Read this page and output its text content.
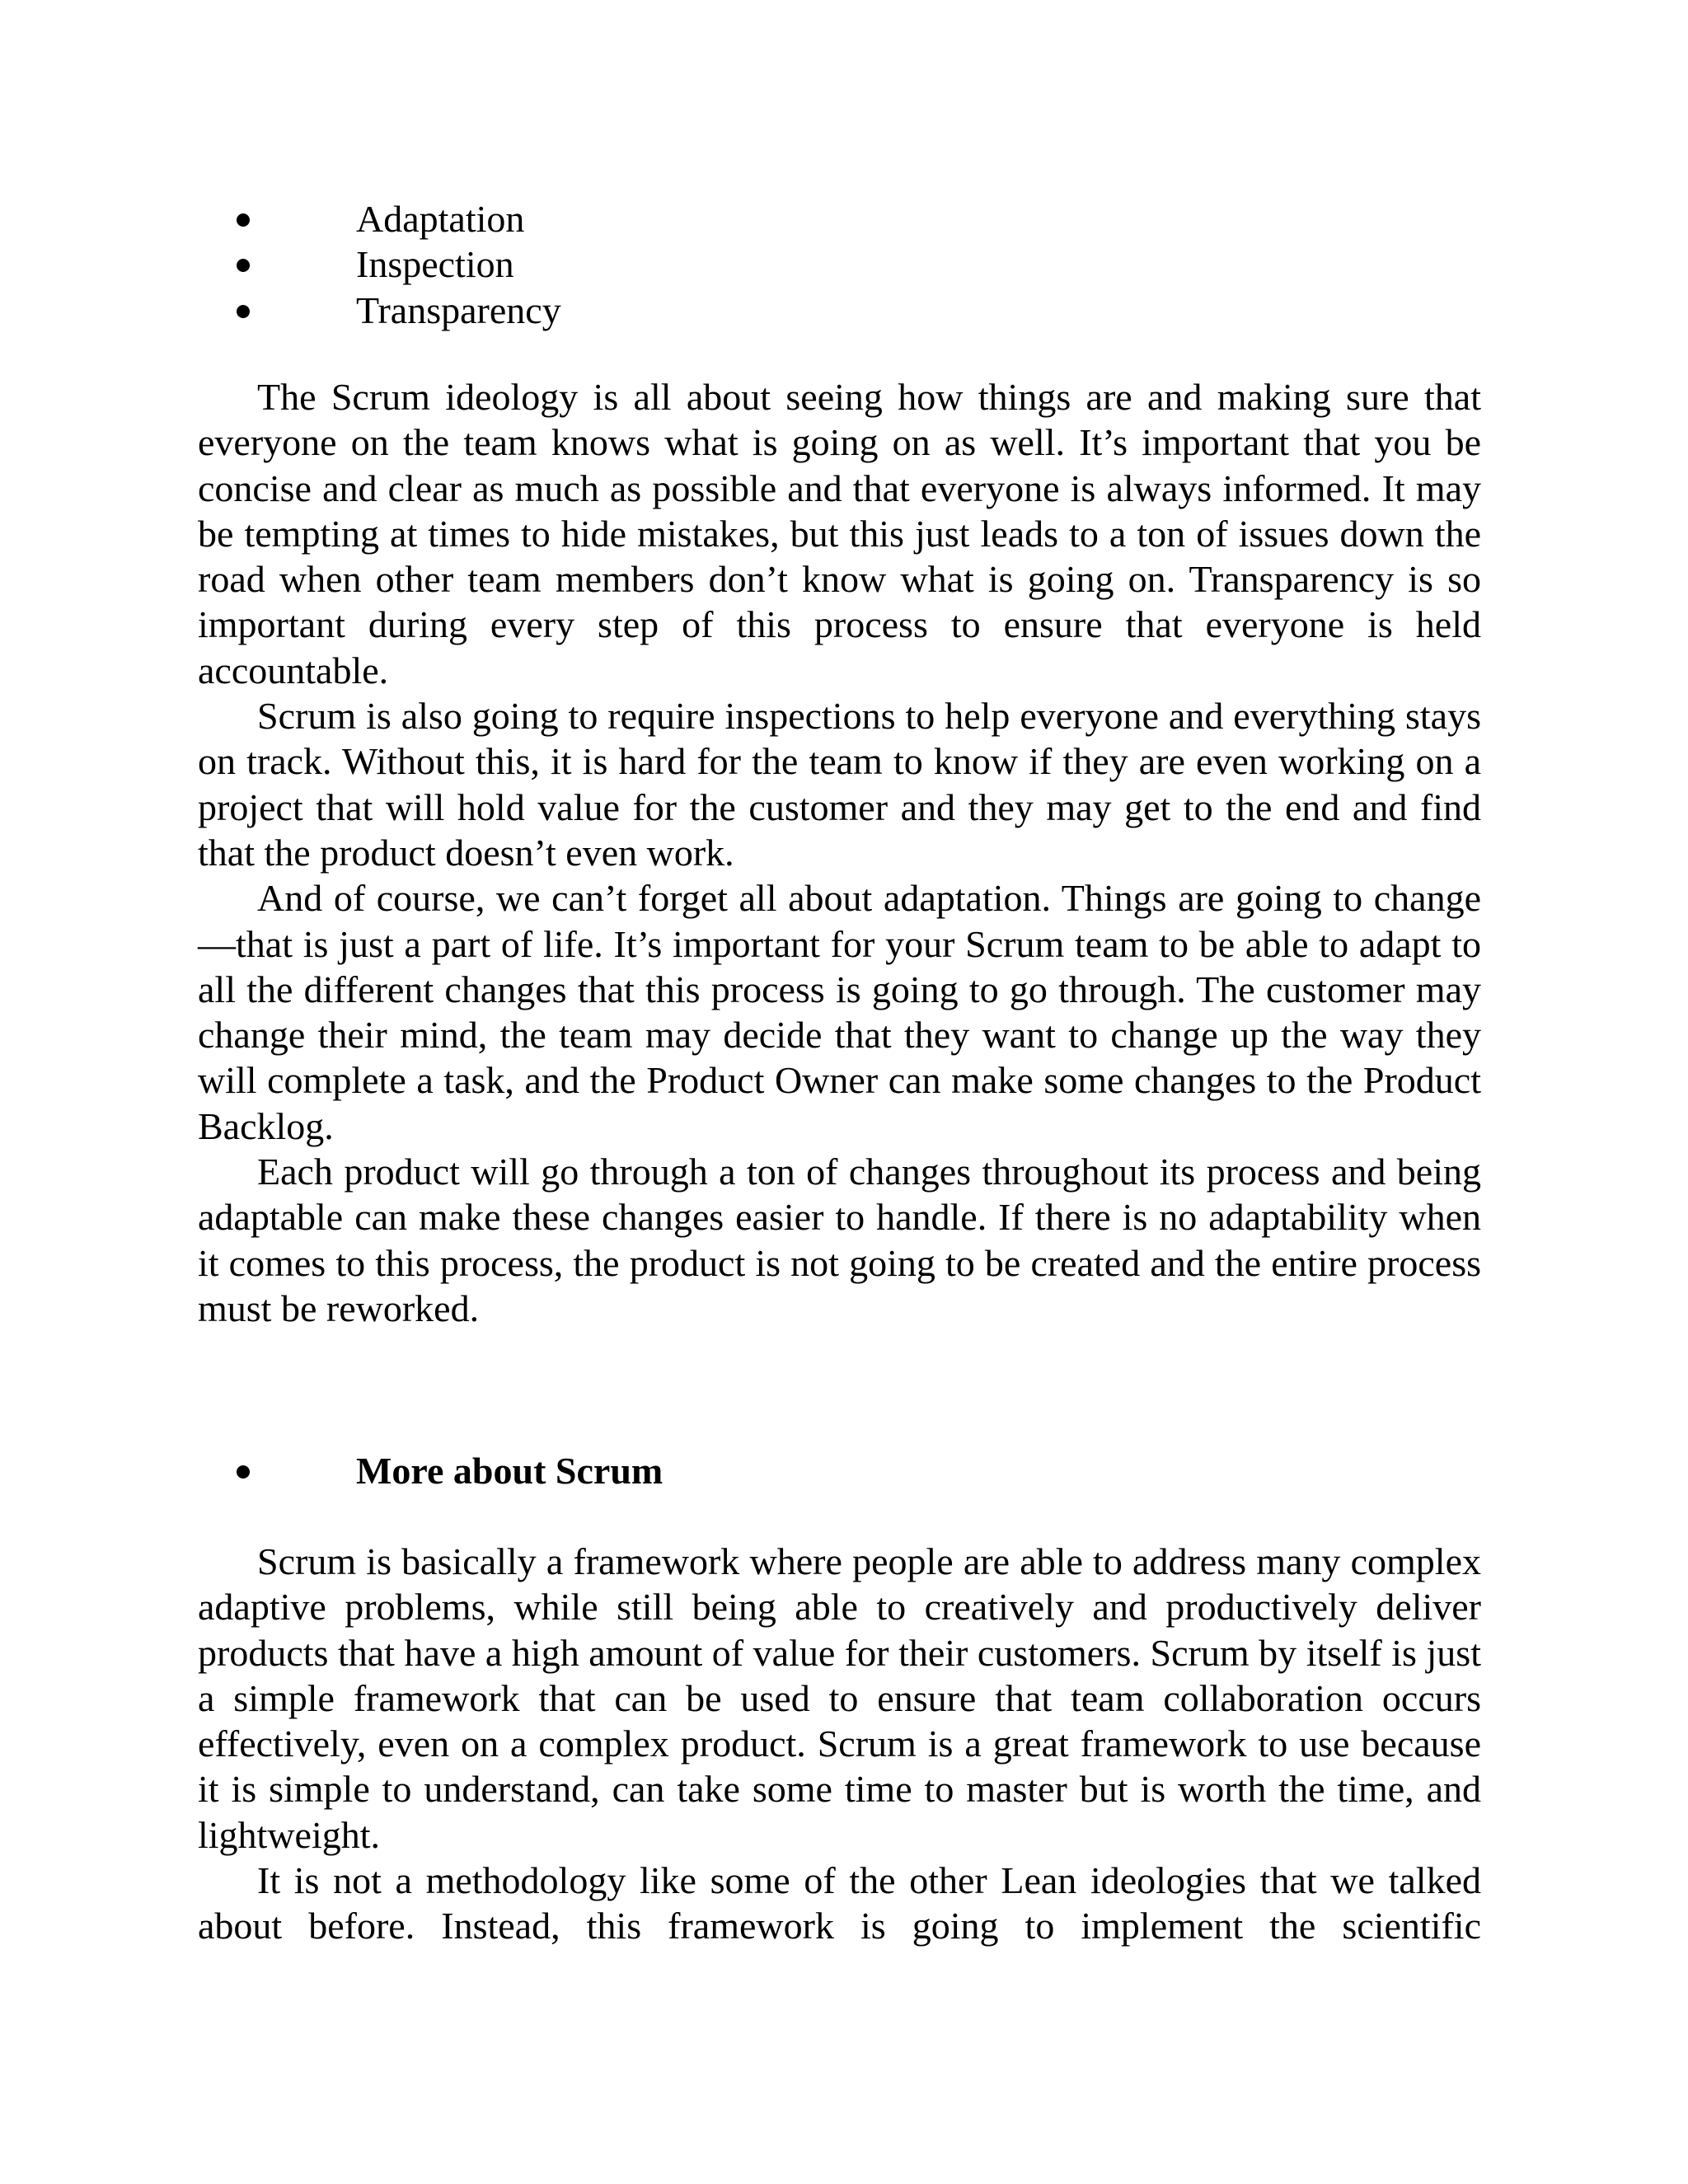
Adaptation
Inspection
Transparency

The Scrum ideology is all about seeing how things are and making sure that everyone on the team knows what is going on as well. It’s important that you be concise and clear as much as possible and that everyone is always informed. It may be tempting at times to hide mistakes, but this just leads to a ton of issues down the road when other team members don’t know what is going on. Transparency is so important during every step of this process to ensure that everyone is held accountable.

Scrum is also going to require inspections to help everyone and everything stays on track. Without this, it is hard for the team to know if they are even working on a project that will hold value for the customer and they may get to the end and find that the product doesn’t even work.

And of course, we can’t forget all about adaptation. Things are going to change —that is just a part of life. It’s important for your Scrum team to be able to adapt to all the different changes that this process is going to go through. The customer may change their mind, the team may decide that they want to change up the way they will complete a task, and the Product Owner can make some changes to the Product Backlog.

Each product will go through a ton of changes throughout its process and being adaptable can make these changes easier to handle. If there is no adaptability when it comes to this process, the product is not going to be created and the entire process must be reworked.

More about Scrum

Scrum is basically a framework where people are able to address many complex adaptive problems, while still being able to creatively and productively deliver products that have a high amount of value for their customers. Scrum by itself is just a simple framework that can be used to ensure that team collaboration occurs effectively, even on a complex product. Scrum is a great framework to use because it is simple to understand, can take some time to master but is worth the time, and lightweight.

It is not a methodology like some of the other Lean ideologies that we talked about before. Instead, this framework is going to implement the scientific
